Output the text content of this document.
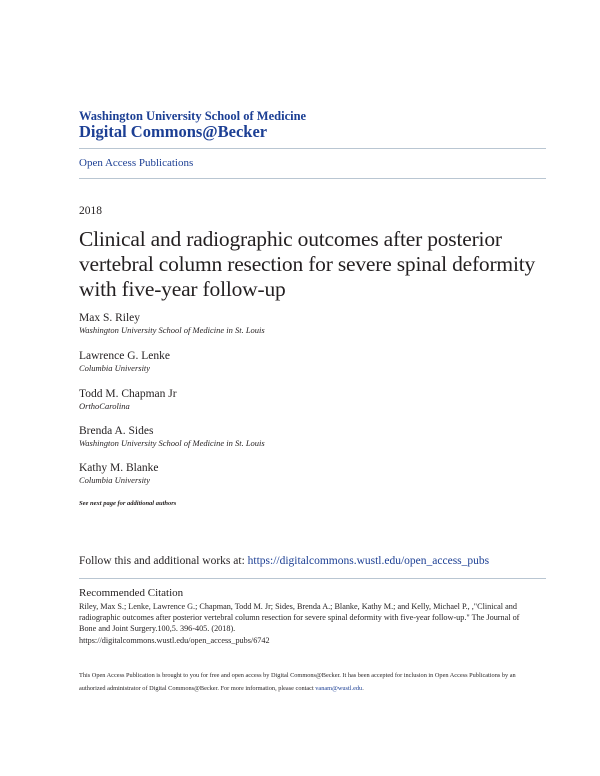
Washington University School of Medicine
Digital Commons@Becker
Open Access Publications
2018
Clinical and radiographic outcomes after posterior vertebral column resection for severe spinal deformity with five-year follow-up
Max S. Riley
Washington University School of Medicine in St. Louis
Lawrence G. Lenke
Columbia University
Todd M. Chapman Jr
OrthoCarolina
Brenda A. Sides
Washington University School of Medicine in St. Louis
Kathy M. Blanke
Columbia University
See next page for additional authors
Follow this and additional works at: https://digitalcommons.wustl.edu/open_access_pubs
Recommended Citation
Riley, Max S.; Lenke, Lawrence G.; Chapman, Todd M. Jr; Sides, Brenda A.; Blanke, Kathy M.; and Kelly, Michael P., ,"Clinical and radiographic outcomes after posterior vertebral column resection for severe spinal deformity with five-year follow-up." The Journal of Bone and Joint Surgery.100,5. 396-405. (2018).
https://digitalcommons.wustl.edu/open_access_pubs/6742
This Open Access Publication is brought to you for free and open access by Digital Commons@Becker. It has been accepted for inclusion in Open Access Publications by an authorized administrator of Digital Commons@Becker. For more information, please contact vanam@wustl.edu.
